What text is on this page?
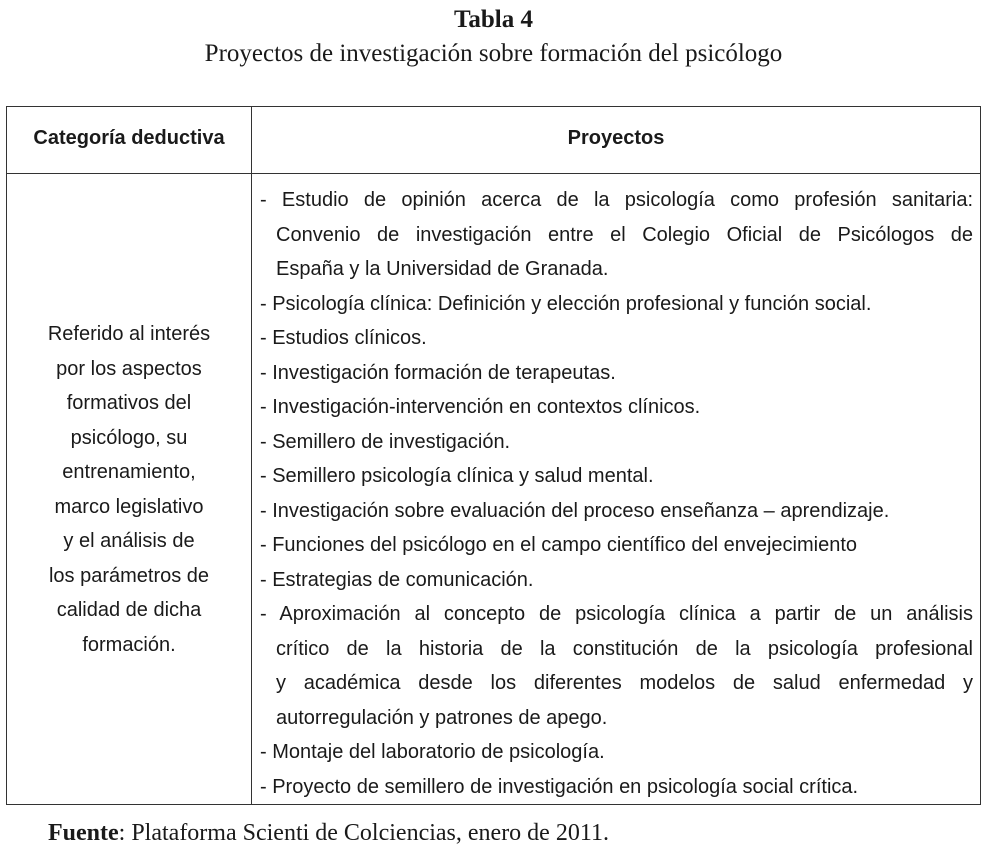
Tabla 4
Proyectos de investigación sobre formación del psicólogo
Categoría deductiva	Proyectos
Referido al interés
por los aspectos
formativos del
psicólogo, su
entrenamiento,
marco legislativo
y el análisis de
los parámetros de
calidad de dicha
formación.
- Estudio de opinión acerca de la psicología como profesión sanitaria:
Convenio de investigación entre el Colegio Oficial de Psicólogos de
España y la Universidad de Granada.
- Psicología clínica: Definición y elección profesional y función social.
- Estudios clínicos.
- Investigación formación de terapeutas.
- Investigación-intervención en contextos clínicos.
- Semillero de investigación.
- Semillero psicología clínica y salud mental.
- Investigación sobre evaluación del proceso enseñanza – aprendizaje.
- Funciones del psicólogo en el campo científico del envejecimiento
- Estrategias de comunicación.
- Aproximación al concepto de psicología clínica a partir de un análisis
crítico de la historia de la constitución de la psicología profesional
y académica desde los diferentes modelos de salud enfermedad y
autorregulación y patrones de apego.
- Montaje del laboratorio de psicología.
- Proyecto de semillero de investigación en psicología social crítica.
Fuente: Plataforma Scienti de Colciencias, enero de 2011.
